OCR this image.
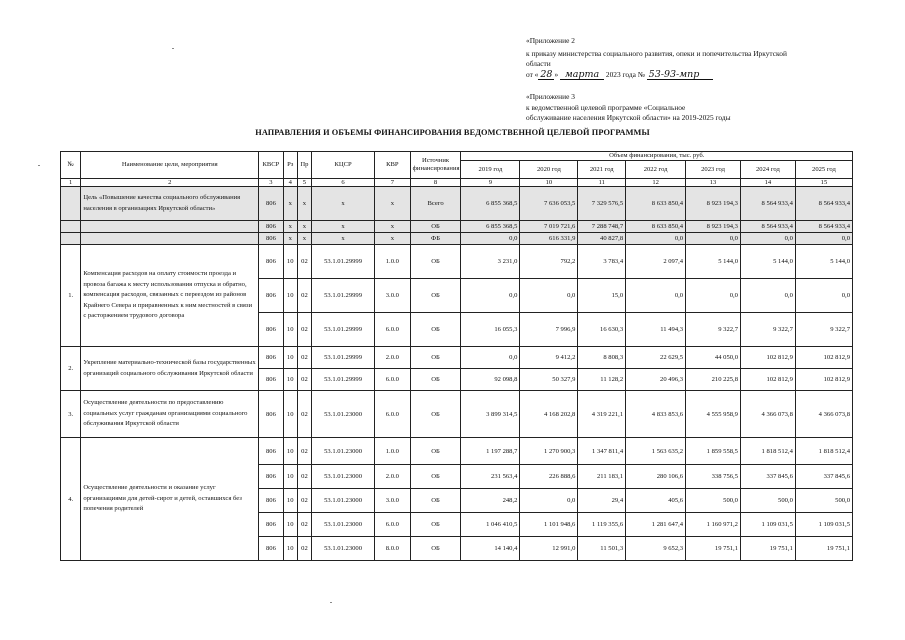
«Приложение 2
к приказу министерства социального развития, опеки и попечительства Иркутской
области
от « 28 » марта 2023 года № 53-93-мпр
«Приложение 3
к ведомственной целевой программе «Социальное
обслуживание населения Иркутской области» на 2019-2025 годы
НАПРАВЛЕНИЯ И ОБЪЕМЫ ФИНАНСИРОВАНИЯ ВЕДОМСТВЕННОЙ ЦЕЛЕВОЙ ПРОГРАММЫ
№	Наименование цели, мероприятия	КВСР	Рз	Пр	КЦСР	КВР	Источник финансирования	Объем финансирования, тыс. руб.						
								2019 год	2020 год	2021 год	2022 год	2023 год	2024 год	2025 год
1	2	3	4	5	6	7	8	9	10	11	12	13	14	15
	Цель «Повышение качества социального обслуживания населения в организациях Иркутской области»	806	x	x	x	x	Всего	6 855 368,5	7 636 053,5	7 329 576,5	8 633 850,4	8 923 194,3	8 564 933,4	8 564 933,4
		806	x	x	x	x	ОБ	6 855 368,5	7 019 721,6	7 288 748,7	8 633 850,4	8 923 194,3	8 564 933,4	8 564 933,4
		806	x	x	x	x	ФБ	0,0	616 331,9	40 827,8	0,0	0,0	0,0	0,0
1.	Компенсация расходов на оплату стоимости проезда и провоза багажа к месту использования отпуска и обратно, компенсация расходов, связанных с переездом из районов Крайнего Севера и приравненных к ним местностей в связи с расторжением трудового договора	806	10	02	53.1.01.29999	1.0.0	ОБ	3 231,0	792,2	3 783,4	2 097,4	5 144,0	5 144,0	5 144,0
		806	10	02	53.1.01.29999	3.0.0	ОБ	0,0	0,0	15,0	0,0	0,0	0,0	0,0
		806	10	02	53.1.01.29999	6.0.0	ОБ	16 055,3	7 996,9	16 630,3	11 494,3	9 322,7	9 322,7	9 322,7
2.	Укрепление материально-технической базы государственных организаций социального обслуживания Иркутской области	806	10	02	53.1.01.29999	2.0.0	ОБ	0,0	9 412,2	8 808,3	22 629,5	44 050,0	102 812,9	102 812,9
		806	10	02	53.1.01.29999	6.0.0	ОБ	92 098,8	50 327,9	11 128,2	20 496,3	210 225,8	102 812,9	102 812,9
3.	Осуществление деятельности по предоставлению социальных услуг гражданам организациями социального обслуживания Иркутской области	806	10	02	53.1.01.23000	6.0.0	ОБ	3 899 314,5	4 168 202,8	4 319 221,1	4 833 853,6	4 555 958,9	4 366 073,8	4 366 073,8
4.	Осуществление деятельности и оказание услуг организациями для детей-сирот и детей, оставшихся без попечения родителей	806	10	02	53.1.01.23000	1.0.0	ОБ	1 197 288,7	1 270 900,3	1 347 811,4	1 563 635,2	1 859 558,5	1 818 512,4	1 818 512,4
		806	10	02	53.1.01.23000	2.0.0	ОБ	231 563,4	226 888,6	211 183,1	280 106,6	338 756,5	337 845,6	337 845,6
		806	10	02	53.1.01.23000	3.0.0	ОБ	248,2	0,0	29,4	405,6	500,0	500,0	500,0
		806	10	02	53.1.01.23000	6.0.0	ОБ	1 046 410,5	1 101 948,6	1 119 355,6	1 281 647,4	1 160 971,2	1 109 031,5	1 109 031,5
		806	10	02	53.1.01.23000	8.0.0	ОБ	14 140,4	12 991,0	11 501,3	9 652,3	19 751,1	19 751,1	19 751,1
